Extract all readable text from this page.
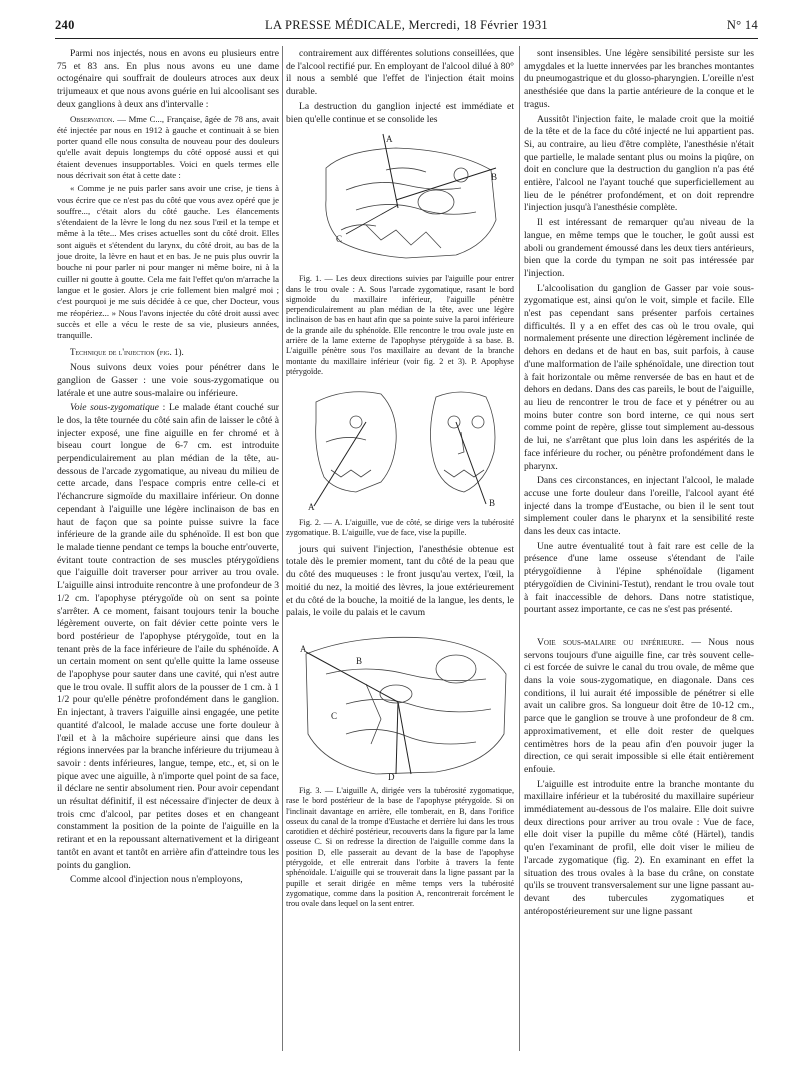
240	LA PRESSE MÉDICALE, Mercredi, 18 Février 1931	N° 14

Parmi nos injectés, nous en avons eu plusieurs entre 75 et 83 ans. En plus nous avons eu une dame octogénaire qui souffrait de douleurs atroces aux deux trijumeaux et que nous avons guérie en lui alcoolisant ses deux ganglions à deux ans d'intervalle :

Observation. — Mme C..., Française, âgée de 78 ans, avait été injectée par nous en 1912 à gauche et continuait à se bien porter quand elle nous consulta de nouveau pour des douleurs qu'elle avait depuis longtemps du côté opposé aussi et qui étaient devenues insupportables. Voici en quels termes elle nous décrivait son état à cette date :

« Comme je ne puis parler sans avoir une crise, je tiens à vous écrire que ce n'est pas du côté que vous avez opéré que je souffre..., c'était alors du côté gauche. Les élancements s'étendaient de la lèvre le long du nez sous l'œil et la tempe et même à la tête... Mes crises actuelles sont du côté droit. Elles sont aiguës et s'étendent du larynx, du côté droit, au bas de la joue droite, la lèvre en haut et en bas. Je ne puis plus ouvrir la bouche ni pour parler ni pour manger ni même boire, ni à la cuiller ni goutte à goutte. Cela me fait l'effet qu'on m'arrache la langue et le gosier. Alors je crie follement bien malgré moi ; c'est pourquoi je me suis décidée à ce que, cher Docteur, vous me réopériez... » Nous l'avons injectée du côté droit aussi avec succès et elle a vécu le reste de sa vie, plusieurs années, tranquille.

Technique de l'injection (fig. 1).

Nous suivons deux voies pour pénétrer dans le ganglion de Gasser : une voie sous-zygomatique ou latérale et une autre sous-malaire ou inférieure.

Voie sous-zygomatique : Le malade étant couché sur le dos, la tête tournée du côté sain afin de laisser le côté à injecter exposé, une fine aiguille en fer chromé et à biseau court longue de 6-7 cm. est introduite perpendiculairement au plan médian de la tête, au-dessous de l'arcade zygomatique, au niveau du milieu de cette arcade, dans l'espace compris entre celle-ci et l'échancrure sigmoïde du maxillaire inférieur. On donne cependant à l'aiguille une légère inclinaison de bas en haut de façon que sa pointe puisse suivre la face inférieure de la grande aile du sphénoïde. Il est bon que le malade tienne pendant ce temps la bouche entr'ouverte, évitant toute contraction de ses muscles ptérygoïdiens que l'aiguille doit traverser pour arriver au trou ovale. L'aiguille ainsi introduite rencontre à une profondeur de 3 1/2 cm. l'apophyse ptérygoïde où on sent sa pointe s'arrêter. A ce moment, faisant toujours tenir la bouche légèrement ouverte, on fait dévier cette pointe vers le bord postérieur de l'apophyse ptérygoïde, tout en la tenant près de la face inférieure de l'aile du sphénoïde. A un certain moment on sent qu'elle quitte la lame osseuse de l'apophyse pour sauter dans une cavité, qui n'est autre que le trou ovale. Il suffit alors de la pousser de 1 cm. à 1 1/2 pour qu'elle pénètre profondément dans le ganglion. En injectant, à travers l'aiguille ainsi engagée, une petite quantité d'alcool, le malade accuse une forte douleur à l'œil et à la mâchoire supérieure ainsi que dans les régions innervées par la branche inférieure du trijumeau à savoir : dents inférieures, langue, tempe, etc., et, si on le pique avec une aiguille, à n'importe quel point de sa face, il déclare ne sentir absolument rien. Pour avoir cependant un résultat définitif, il est nécessaire d'injecter de deux à trois cmc d'alcool, par petites doses et en changeant constamment la position de la pointe de l'aiguille en la retirant et en la repoussant alternativement et la dirigeant tantôt en avant et tantôt en arrière afin d'atteindre tous les points du ganglion.

Comme alcool d'injection nous n'employons,

contrairement aux différentes solutions conseillées, que de l'alcool rectifié pur. En employant de l'alcool dilué à 80° il nous a semblé que l'effet de l'injection était moins durable.

La destruction du ganglion injecté est immédiate et bien qu'elle continue et se consolide les

A
B
C

Fig. 1. — Les deux directions suivies par l'aiguille pour entrer dans le trou ovale : A. Sous l'arcade zygomatique, rasant le bord sigmoïde du maxillaire inférieur, l'aiguille pénètre perpendiculairement au plan médian de la tête, avec une légère inclinaison de bas en haut afin que sa pointe suive la paroi inférieure de la grande aile du sphénoïde. Elle rencontre le trou ovale juste en arrière de la lame externe de l'apophyse ptérygoïde à sa base. B. L'aiguille pénètre sous l'os maxillaire au devant de la branche montante du maxillaire inférieur (voir fig. 2 et 3). P. Apophyse ptérygoïde.

A	B

Fig. 2. — A. L'aiguille, vue de côté, se dirige vers la tubérosité zygomatique. B. L'aiguille, vue de face, vise la pupille.

jours qui suivent l'injection, l'anesthésie obtenue est totale dès le premier moment, tant du côté de la peau que du côté des muqueuses : le front jusqu'au vertex, l'œil, la moitié du nez, la moitié des lèvres, la joue extérieurement et du côté de la bouche, la moitié de la langue, les dents, le palais, le voile du palais et le cavum

A
B
C
D

Fig. 3. — L'aiguille A, dirigée vers la tubérosité zygomatique, rase le bord postérieur de la base de l'apophyse ptérygoïde. Si on l'inclinait davantage en arrière, elle tomberait, en B, dans l'orifice osseux du canal de la trompe d'Eustache et derrière lui dans les trous carotidien et déchiré postérieur, recouverts dans la figure par la lame osseuse C. Si on redresse la direction de l'aiguille comme dans la position D, elle passerait au devant de la base de l'apophyse ptérygoïde, et elle entrerait dans l'orbite à travers la fente sphénoïdale. L'aiguille qui se trouverait dans la ligne passant par la pupille et serait dirigée en même temps vers la tubérosité zygomatique, comme dans la position A, rencontrerait forcément le trou ovale dans lequel on la sent entrer.

sont insensibles. Une légère sensibilité persiste sur les amygdales et la luette innervées par les branches montantes du pneumogastrique et du glosso-pharyngien. L'oreille n'est anesthésiée que dans la partie antérieure de la conque et le tragus.

Aussitôt l'injection faite, le malade croit que la moitié de la tête et de la face du côté injecté ne lui appartient pas. Si, au contraire, au lieu d'être complète, l'anesthésie n'était que partielle, le malade sentant plus ou moins la piqûre, on doit en conclure que la destruction du ganglion n'a pas été entière, l'alcool ne l'ayant touché que superficiellement au lieu de le pénétrer profondément, et on doit reprendre l'injection jusqu'à l'anesthésie complète.

Il est intéressant de remarquer qu'au niveau de la langue, en même temps que le toucher, le goût aussi est aboli ou grandement émoussé dans les deux tiers antérieurs, bien que la corde du tympan ne soit pas intéressée par l'injection.

L'alcoolisation du ganglion de Gasser par voie sous-zygomatique est, ainsi qu'on le voit, simple et facile. Elle n'est pas cependant sans présenter parfois certaines difficultés. Il y a en effet des cas où le trou ovale, qui normalement présente une direction légèrement inclinée de dehors en dedans et de haut en bas, suit parfois, à cause d'une malformation de l'aile sphénoïdale, une direction tout à fait horizontale ou même renversée de bas en haut et de dehors en dedans. Dans des cas pareils, le bout de l'aiguille, au lieu de rencontrer le trou de face et y pénétrer ou au moins buter contre son bord interne, ce qui nous sert comme point de repère, glisse tout simplement au-dessous de lui, ne s'arrêtant que plus loin dans les aspérités de la face inférieure du rocher, ou pénètre profondément dans le pharynx.

Dans ces circonstances, en injectant l'alcool, le malade accuse une forte douleur dans l'oreille, l'alcool ayant été injecté dans la trompe d'Eustache, ou bien il le sent tout simplement couler dans le pharynx et la sensibilité reste dans les deux cas intacte.

Une autre éventualité tout à fait rare est celle de la présence d'une lame osseuse s'étendant de l'aile ptérygoïdienne à l'épine sphénoïdale (ligament ptérygoïdien de Civinini-Testut), rendant le trou ovale tout à fait inaccessible de dehors. Dans notre statistique, pourtant assez importante, ce cas ne s'est pas présenté.

Voie sous-malaire ou inférieure. — Nous nous servons toujours d'une aiguille fine, car très souvent celle-ci est forcée de suivre le canal du trou ovale, de même que dans la voie sous-zygomatique, en diagonale. Dans ces conditions, il lui aurait été impossible de pénétrer si elle avait un calibre gros. Sa longueur doit être de 10-12 cm., parce que le ganglion se trouve à une profondeur de 8 cm. approximativement, et elle doit rester de quelques centimètres hors de la peau afin d'en pouvoir juger la direction, ce qui serait impossible si elle était entièrement enfouie.

L'aiguille est introduite entre la branche montante du maxillaire inférieur et la tubérosité du maxillaire supérieur immédiatement au-dessous de l'os malaire. Elle doit suivre deux directions pour arriver au trou ovale : Vue de face, elle doit viser la pupille du même côté (Härtel), tandis qu'en l'examinant de profil, elle doit viser le milieu de l'arcade zygomatique (fig. 2). En examinant en effet la situation des trous ovales à la base du crâne, on constate qu'ils se trouvent transversalement sur une ligne passant au-devant des tubercules zygomatiques et antéropostérieurement sur une ligne passant
